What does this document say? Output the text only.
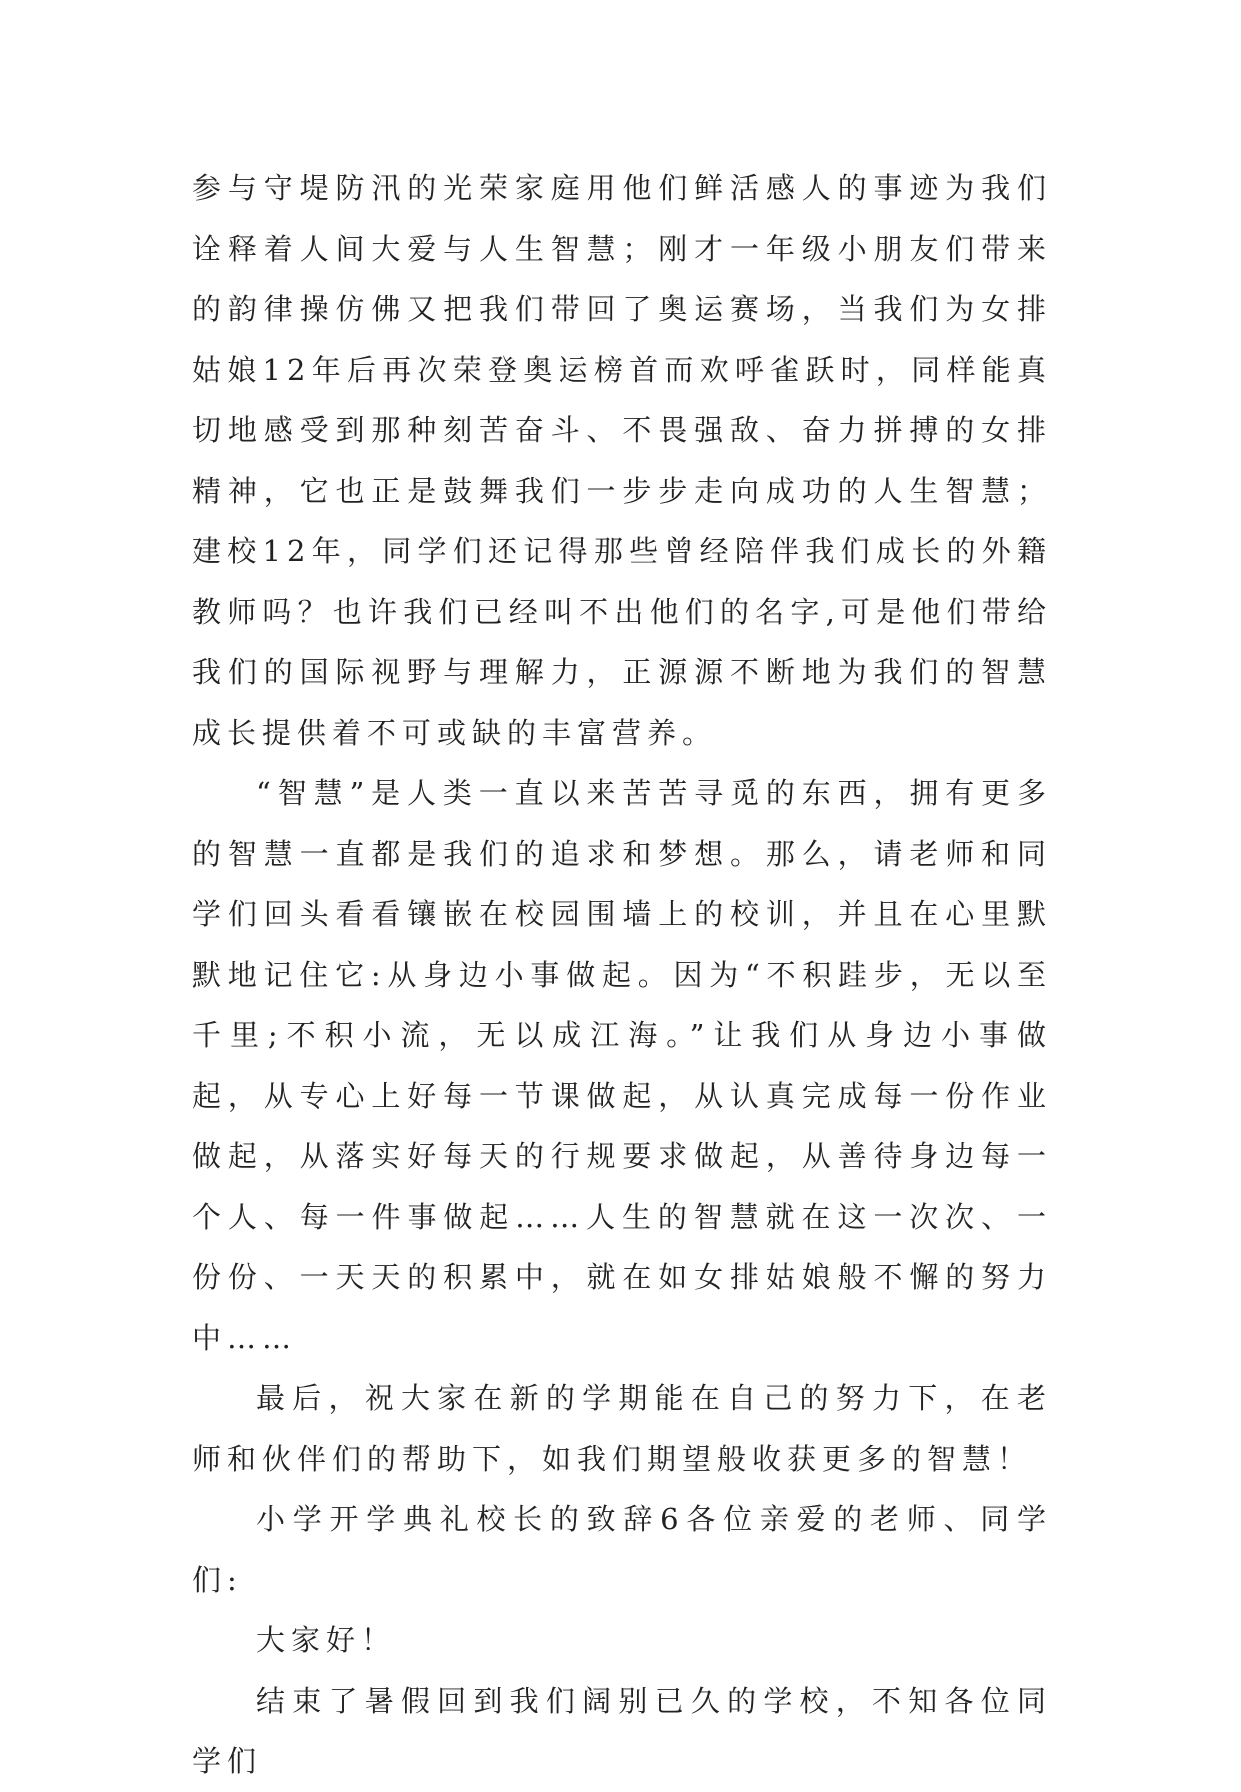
参与守堤防汛的光荣家庭用他们鲜活感人的事迹为我们诠释着人间大爱与人生智慧；刚才一年级小朋友们带来的韵律操仿佛又把我们带回了奥运赛场，当我们为女排姑娘12年后再次荣登奥运榜首而欢呼雀跃时，同样能真切地感受到那种刻苦奋斗、不畏强敌、奋力拼搏的女排精神，它也正是鼓舞我们一步步走向成功的人生智慧；建校12年，同学们还记得那些曾经陪伴我们成长的外籍教师吗？也许我们已经叫不出他们的名字,可是他们带给我们的国际视野与理解力，正源源不断地为我们的智慧成长提供着不可或缺的丰富营养。

“智慧”是人类一直以来苦苦寻觅的东西，拥有更多的智慧一直都是我们的追求和梦想。那么，请老师和同学们回头看看镶嵌在校园围墙上的校训，并且在心里默默地记住它:从身边小事做起。因为“不积跬步，无以至千里;不积小流，无以成江海。”让我们从身边小事做起，从专心上好每一节课做起，从认真完成每一份作业做起，从落实好每天的行规要求做起，从善待身边每一个人、每一件事做起……人生的智慧就在这一次次、一份份、一天天的积累中，就在如女排姑娘般不懈的努力中……

最后，祝大家在新的学期能在自己的努力下，在老师和伙伴们的帮助下，如我们期望般收获更多的智慧！

小学开学典礼校长的致辞6各位亲爱的老师、同学们:

大家好！

结束了暑假回到我们阔别已久的学校，不知各位同学们
